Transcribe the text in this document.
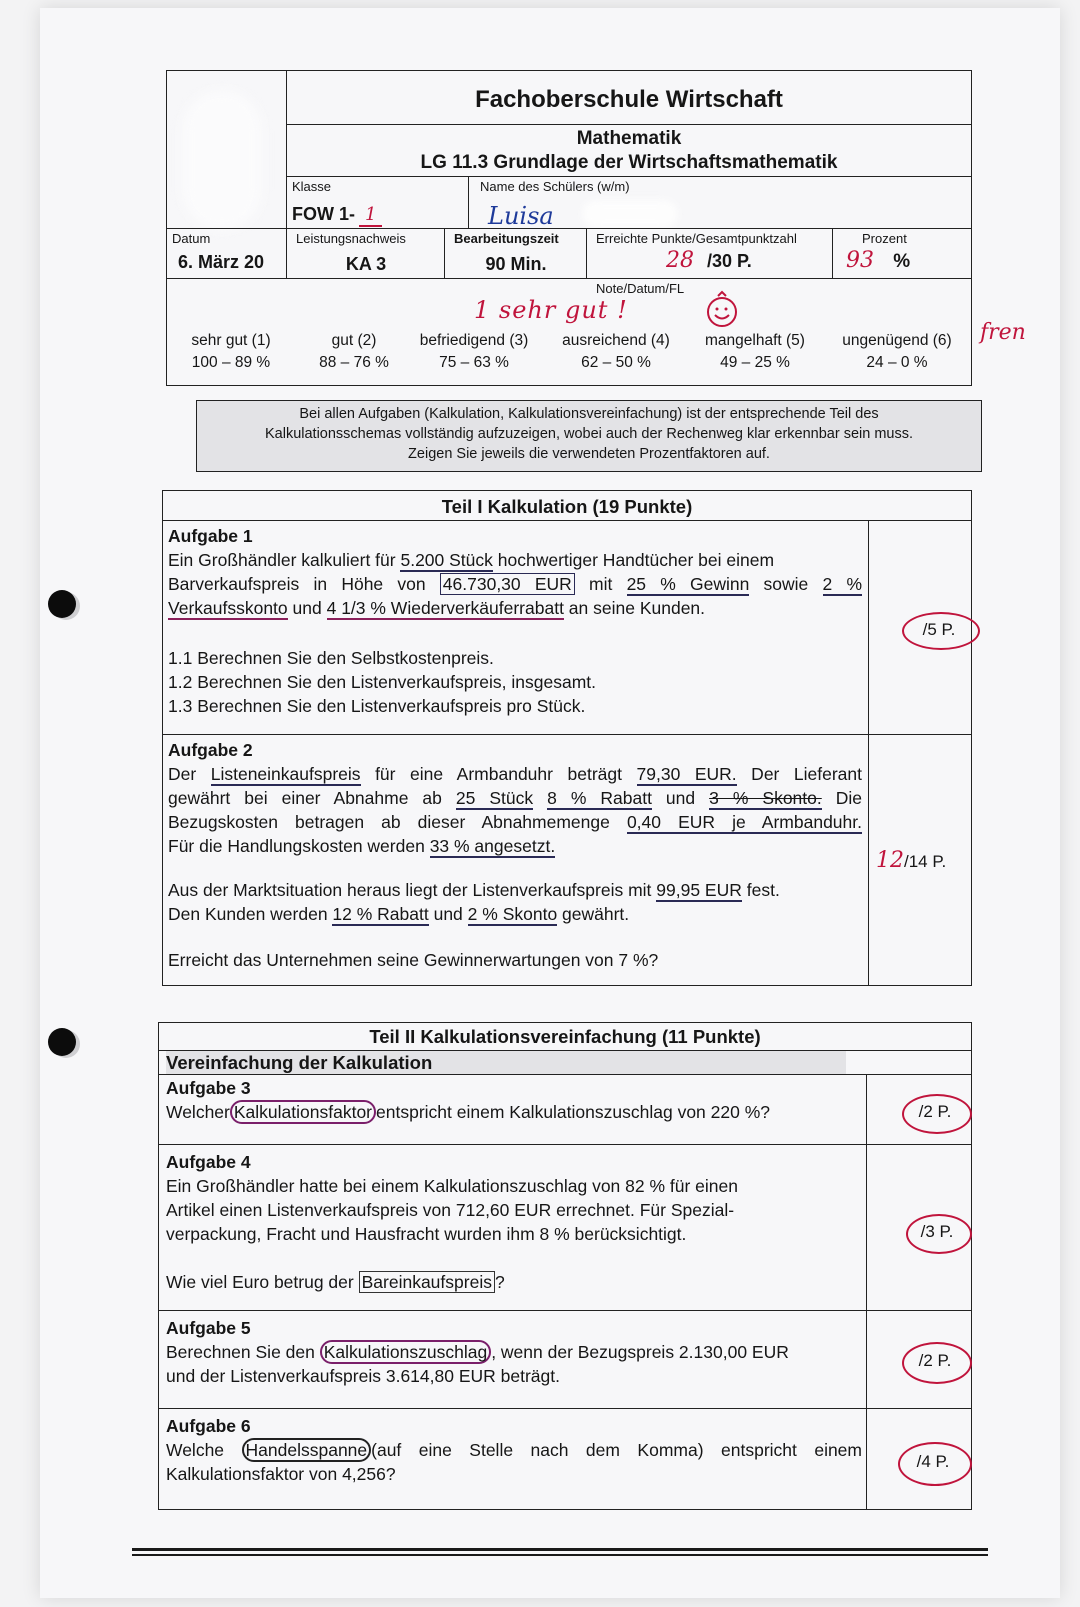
Fachoberschule Wirtschaft
Mathematik
LG 11.3 Grundlage der Wirtschaftsmathematik
Klasse
FOW 1- 1
Name des Schülers (w/m)
Luisa
Datum
6. März 20
Leistungsnachweis
KA 3
Bearbeitungszeit
90 Min.
Erreichte Punkte/Gesamtpunktzahl
28 /30 P.
Prozent
93 %
Note/Datum/FL
1 sehr gut !
fren
sehr gut (1)
100 – 89 %
gut (2)
88 – 76 %
befriedigend (3)
75 – 63 %
ausreichend (4)
62 – 50 %
mangelhaft (5)
49 – 25 %
ungenügend (6)
24 – 0 %
Bei allen Aufgaben (Kalkulation, Kalkulationsvereinfachung) ist der entsprechende Teil des
Kalkulationsschemas vollständig aufzuzeigen, wobei auch der Rechenweg klar erkennbar sein muss.
Zeigen Sie jeweils die verwendeten Prozentfaktoren auf.
Teil I Kalkulation (19 Punkte)
Aufgabe 1
Ein Großhändler kalkuliert für 5.200 Stück hochwertiger Handtücher bei einem
Barverkaufspreis in Höhe von 46.730,30 EUR mit 25 % Gewinn sowie 2 %
Verkaufsskonto und 4 1/3 % Wiederverkäuferrabatt an seine Kunden.
1.1 Berechnen Sie den Selbstkostenpreis.
1.2 Berechnen Sie den Listenverkaufspreis, insgesamt.
1.3 Berechnen Sie den Listenverkaufspreis pro Stück.
/5 P.
Aufgabe 2
Der Listeneinkaufspreis für eine Armbanduhr beträgt 79,30 EUR. Der Lieferant
gewährt bei einer Abnahme ab 25 Stück 8 % Rabatt und 3 % Skonto. Die
Bezugskosten betragen ab dieser Abnahmemenge 0,40 EUR je Armbanduhr.
Für die Handlungskosten werden 33 % angesetzt.
Aus der Marktsituation heraus liegt der Listenverkaufspreis mit 99,95 EUR fest.
Den Kunden werden 12 % Rabatt und 2 % Skonto gewährt.
Erreicht das Unternehmen seine Gewinnerwartungen von 7 %?
12/14 P.
Teil II Kalkulationsvereinfachung (11 Punkte)
Vereinfachung der Kalkulation
Aufgabe 3
Welcher Kalkulationsfaktor entspricht einem Kalkulationszuschlag von 220 %?	/2 P.
Aufgabe 4
Ein Großhändler hatte bei einem Kalkulationszuschlag von 82 % für einen
Artikel einen Listenverkaufspreis von 712,60 EUR errechnet. Für Spezial-
verpackung, Fracht und Hausfracht wurden ihm 8 % berücksichtigt.
Wie viel Euro betrug der Bareinkaufspreis ?
/3 P.
Aufgabe 5
Berechnen Sie den Kalkulationszuschlag , wenn der Bezugspreis 2.130,00 EUR
und der Listenverkaufspreis 3.614,80 EUR beträgt.
/2 P.
Aufgabe 6
Welche Handelsspanne (auf eine Stelle nach dem Komma) entspricht einem
Kalkulationsfaktor von 4,256?
/4 P.
